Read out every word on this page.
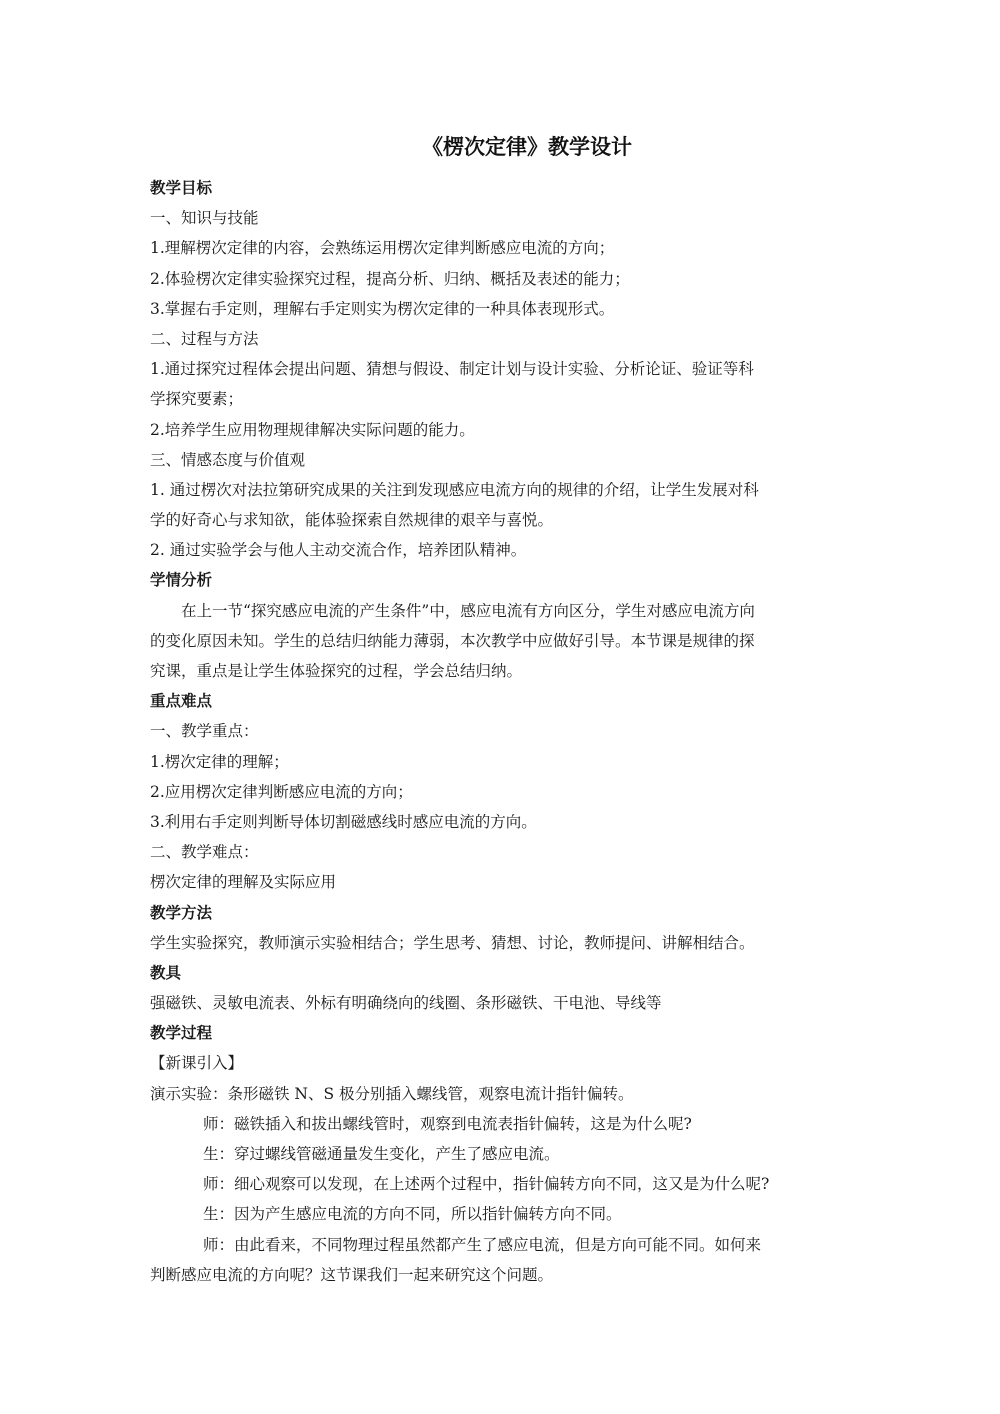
《楞次定律》教学设计
教学目标
一、知识与技能
1.理解楞次定律的内容，会熟练运用楞次定律判断感应电流的方向；
2.体验楞次定律实验探究过程，提高分析、归纳、概括及表述的能力；
3.掌握右手定则，理解右手定则实为楞次定律的一种具体表现形式。
二、过程与方法
1.通过探究过程体会提出问题、猜想与假设、制定计划与设计实验、分析论证、验证等科
学探究要素；
2.培养学生应用物理规律解决实际问题的能力。
三、情感态度与价值观
1. 通过楞次对法拉第研究成果的关注到发现感应电流方向的规律的介绍，让学生发展对科
学的好奇心与求知欲，能体验探索自然规律的艰辛与喜悦。
2. 通过实验学会与他人主动交流合作，培养团队精神。
学情分析
在上一节“探究感应电流的产生条件”中，感应电流有方向区分，学生对感应电流方向
的变化原因未知。学生的总结归纳能力薄弱，本次教学中应做好引导。本节课是规律的探
究课，重点是让学生体验探究的过程，学会总结归纳。
重点难点
一、教学重点：
1.楞次定律的理解；
2.应用楞次定律判断感应电流的方向；
3.利用右手定则判断导体切割磁感线时感应电流的方向。
二、教学难点：
楞次定律的理解及实际应用
教学方法
学生实验探究，教师演示实验相结合；学生思考、猜想、讨论，教师提问、讲解相结合。
教具
强磁铁、灵敏电流表、外标有明确绕向的线圈、条形磁铁、干电池、导线等
教学过程
【新课引入】
演示实验：条形磁铁 N、S 极分别插入螺线管，观察电流计指针偏转。
师：磁铁插入和拔出螺线管时，观察到电流表指针偏转，这是为什么呢?
生：穿过螺线管磁通量发生变化，产生了感应电流。
师：细心观察可以发现，在上述两个过程中，指针偏转方向不同，这又是为什么呢?
生：因为产生感应电流的方向不同，所以指针偏转方向不同。
师：由此看来，不同物理过程虽然都产生了感应电流，但是方向可能不同。如何来
判断感应电流的方向呢？这节课我们一起来研究这个问题。
